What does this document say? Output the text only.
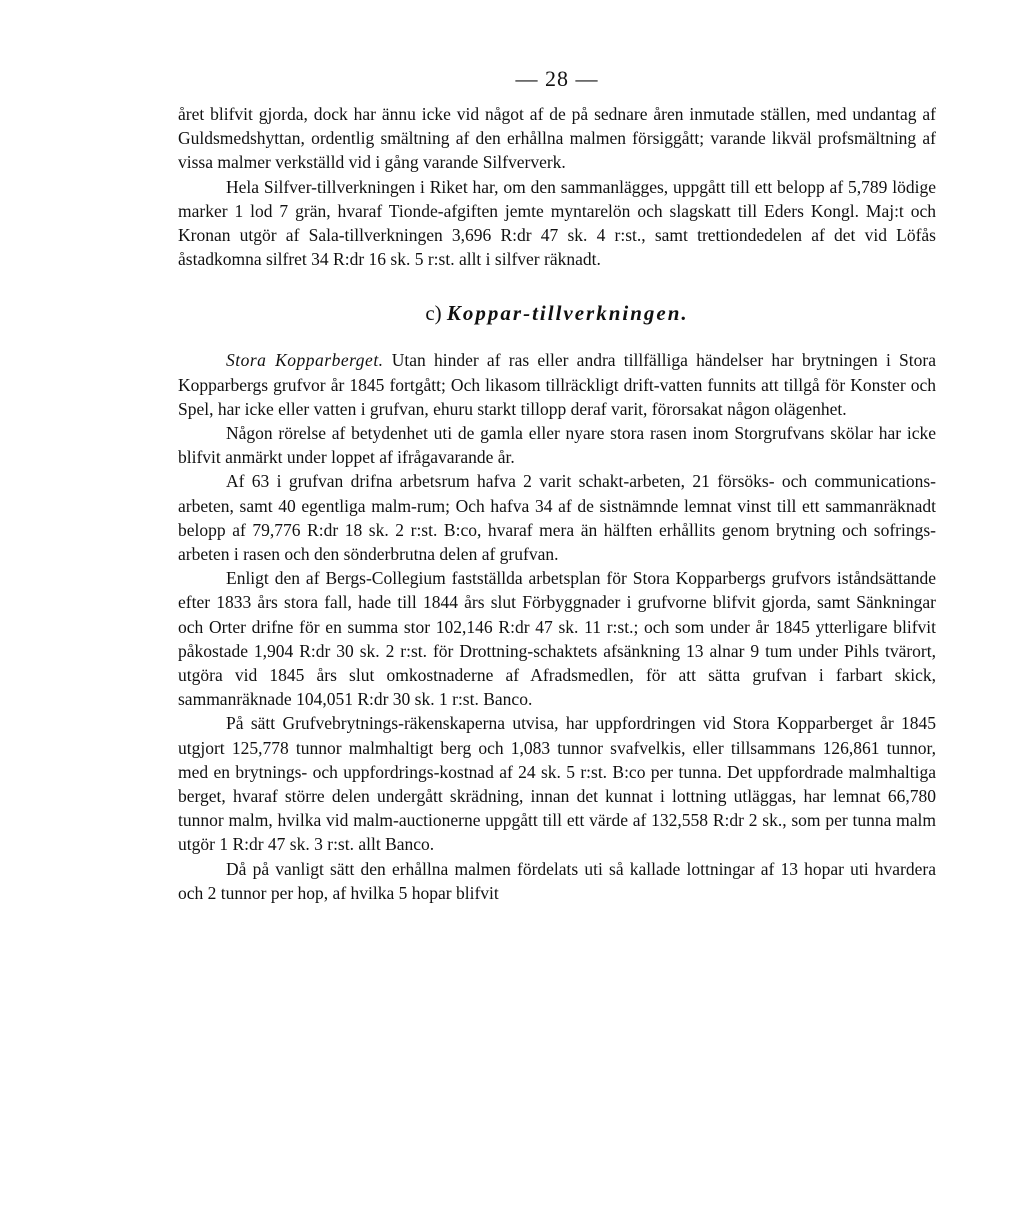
— 28 —

året blifvit gjorda, dock har ännu icke vid något af de på sednare åren inmutade ställen, med undantag af Guldsmedshyttan, ordentlig smältning af den erhållna malmen försiggått; varande likväl profsmältning af vissa malmer verkställd vid i gång varande Silfververk.

Hela Silfver-tillverkningen i Riket har, om den sammanlägges, uppgått till ett belopp af 5,789 lödige marker 1 lod 7 grän, hvaraf Tionde-afgiften jemte myntarelön och slagskatt till Eders Kongl. Maj:t och Kronan utgör af Sala-tillverkningen 3,696 R:dr 47 sk. 4 r:st., samt trettiondedelen af det vid Löfås åstadkomna silfret 34 R:dr 16 sk. 5 r:st. allt i silfver räknadt.

c) Koppar-tillverkningen.

Stora Kopparberget. Utan hinder af ras eller andra tillfälliga händelser har brytningen i Stora Kopparbergs grufvor år 1845 fortgått; Och likasom tillräckligt drift-vatten funnits att tillgå för Konster och Spel, har icke eller vatten i grufvan, ehuru starkt tillopp deraf varit, förorsakat någon olägenhet.

Någon rörelse af betydenhet uti de gamla eller nyare stora rasen inom Storgrufvans skölar har icke blifvit anmärkt under loppet af ifrågavarande år.

Af 63 i grufvan drifna arbetsrum hafva 2 varit schakt-arbeten, 21 försöks- och communications-arbeten, samt 40 egentliga malm-rum; Och hafva 34 af de sistnämnde lemnat vinst till ett sammanräknadt belopp af 79,776 R:dr 18 sk. 2 r:st. B:co, hvaraf mera än hälften erhållits genom brytning och sofrings-arbeten i rasen och den sönderbrutna delen af grufvan.

Enligt den af Bergs-Collegium fastställda arbetsplan för Stora Kopparbergs grufvors iståndsättande efter 1833 års stora fall, hade till 1844 års slut Förbyggnader i grufvorne blifvit gjorda, samt Sänkningar och Orter drifne för en summa stor 102,146 R:dr 47 sk. 11 r:st.; och som under år 1845 ytterligare blifvit påkostade 1,904 R:dr 30 sk. 2 r:st. för Drottning-schaktets afsänkning 13 alnar 9 tum under Pihls tvärort, utgöra vid 1845 års slut omkostnaderne af Afradsmedlen, för att sätta grufvan i farbart skick, sammanräknade 104,051 R:dr 30 sk. 1 r:st. Banco.

På sätt Grufvebrytnings-räkenskaperna utvisa, har uppfordringen vid Stora Kopparberget år 1845 utgjort 125,778 tunnor malmhaltigt berg och 1,083 tunnor svafvelkis, eller tillsammans 126,861 tunnor, med en brytnings- och uppfordrings-kostnad af 24 sk. 5 r:st. B:co per tunna. Det uppfordrade malmhaltiga berget, hvaraf större delen undergått skrädning, innan det kunnat i lottning utläggas, har lemnat 66,780 tunnor malm, hvilka vid malm-auctionerne uppgått till ett värde af 132,558 R:dr 2 sk., som per tunna malm utgör 1 R:dr 47 sk. 3 r:st. allt Banco.

Då på vanligt sätt den erhållna malmen fördelats uti så kallade lottningar af 13 hopar uti hvardera och 2 tunnor per hop, af hvilka 5 hopar blifvit
